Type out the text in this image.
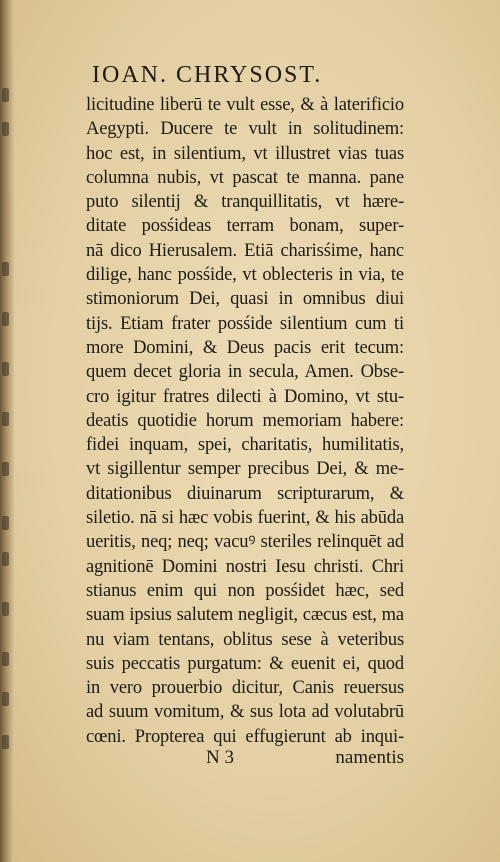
IOAN. CHRYSOST.
licitudine liberū te vult esse, & à laterificio
Aegypti. Ducere te vult in solitudinem:
hoc est, in silentium, vt illustret vias tuas
columna nubis, vt pascat te manna. pane
puto silentij & tranquillitatis, vt hære-
ditate posśideas terram bonam, super-
nā dico Hierusalem. Etiā charisśime, hanc
dilige, hanc posśide, vt oblecteris in via, te
stimoniorum Dei, quasi in omnibus diui
tijs. Etiam frater posśide silentium cum ti
more Domini, & Deus pacis erit tecum:
quem decet gloria in secula, Amen. Obse-
cro igitur fratres dilecti à Domino, vt stu-
deatis quotidie horum memoriam habere:
fidei inquam, spei, charitatis, humilitatis,
vt sigillentur semper precibus Dei, & me-
ditationibus diuinarum scripturarum, &
siletio. nā si hæc vobis fuerint, & his abūda
ueritis, neq; neq; vacuꝰ steriles relinquēt ad
agnitionē Domini nostri Iesu christi. Chri
stianus enim qui non posśidet hæc, sed
suam ipsius salutem negligit, cæcus est, ma
nu viam tentans, oblitus sese à veteribus
suis peccatis purgatum: & euenit ei, quod
in vero prouerbio dicitur, Canis reuersus
ad suum vomitum, & sus lota ad volutabrū
cœni. Propterea qui effugierunt ab inqui-
N 3	namentis
